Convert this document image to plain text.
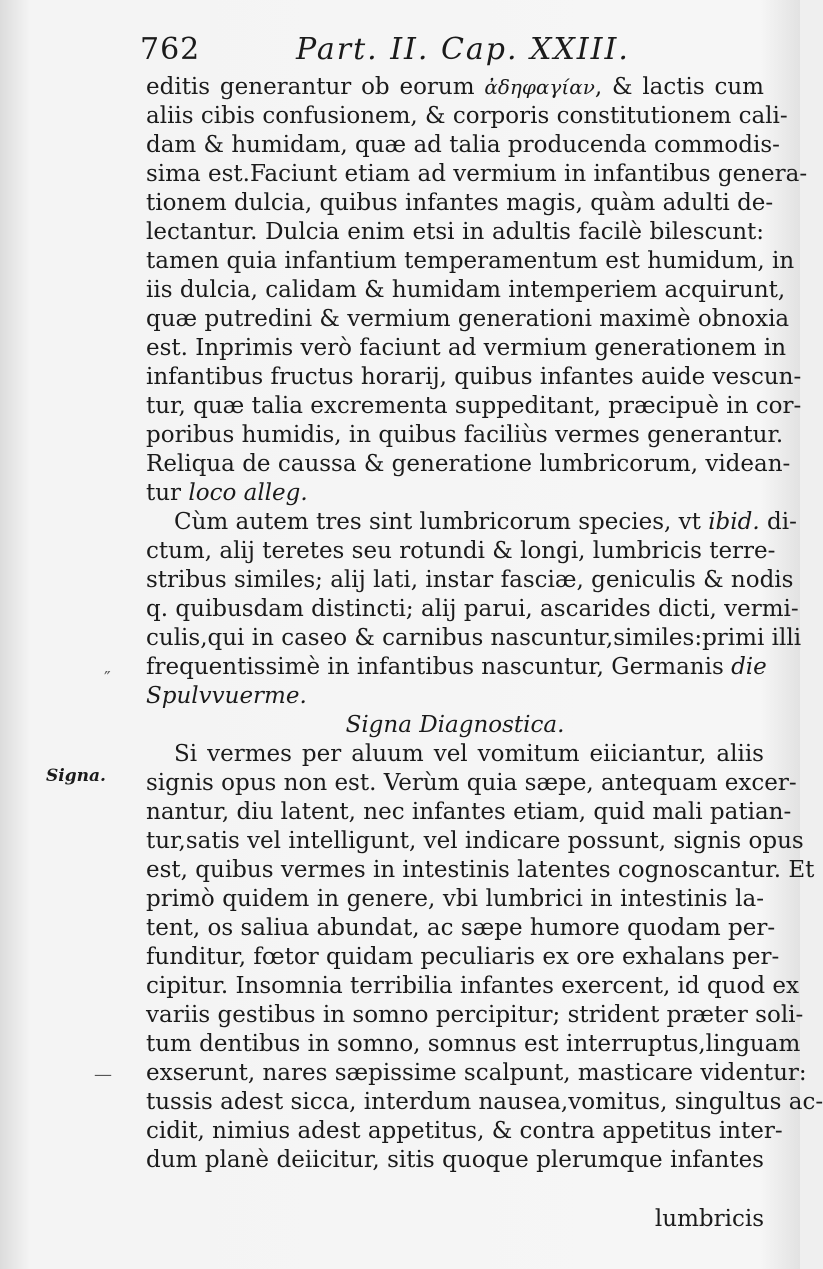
762	Part. II. Cap. XXIII.
Signa.
″
—
editis generantur ob eorum ἀδηφαγίαν, & lactis cum
aliis cibis confusionem, & corporis constitutionem cali-
dam & humidam, quæ ad talia producenda commodis-
sima est.Faciunt etiam ad vermium in infantibus genera-
tionem dulcia, quibus infantes magis, quàm adulti de-
lectantur. Dulcia enim etsi in adultis facilè bilescunt:
tamen quia infantium temperamentum est humidum, in
iis dulcia, calidam & humidam intemperiem acquirunt,
quæ putredini & vermium generationi maximè obnoxia
est. Inprimis verò faciunt ad vermium generationem in
infantibus fructus horarij, quibus infantes auide vescun-
tur, quæ talia excrementa suppeditant, præcipuè in cor-
poribus humidis, in quibus faciliùs vermes generantur.
Reliqua de caussa & generatione lumbricorum, videan-
tur loco alleg.
Cùm autem tres sint lumbricorum species, vt ibid. di-
ctum, alij teretes seu rotundi & longi, lumbricis terre-
stribus similes; alij lati, instar fasciæ, geniculis & nodis
q. quibusdam distincti; alij parui, ascarides dicti, vermi-
culis,qui in caseo & carnibus nascuntur,similes:primi illi
frequentissimè in infantibus nascuntur, Germanis die
Spulvvuerme.
Signa Diagnostica.
Si vermes per aluum vel vomitum eiiciantur, aliis
signis opus non est. Verùm quia sæpe, antequam excer-
nantur, diu latent, nec infantes etiam, quid mali patian-
tur,satis vel intelligunt, vel indicare possunt, signis opus
est, quibus vermes in intestinis latentes cognoscantur. Et
primò quidem in genere, vbi lumbrici in intestinis la-
tent, os saliua abundat, ac sæpe humore quodam per-
funditur, fœtor quidam peculiaris ex ore exhalans per-
cipitur. Insomnia terribilia infantes exercent, id quod ex
variis gestibus in somno percipitur; strident præter soli-
tum dentibus in somno, somnus est interruptus,linguam
exserunt, nares sæpissime scalpunt, masticare videntur:
tussis adest sicca, interdum nausea,vomitus, singultus ac-
cidit, nimius adest appetitus, & contra appetitus inter-
dum planè deiicitur, sitis quoque plerumque infantes
lumbricis
